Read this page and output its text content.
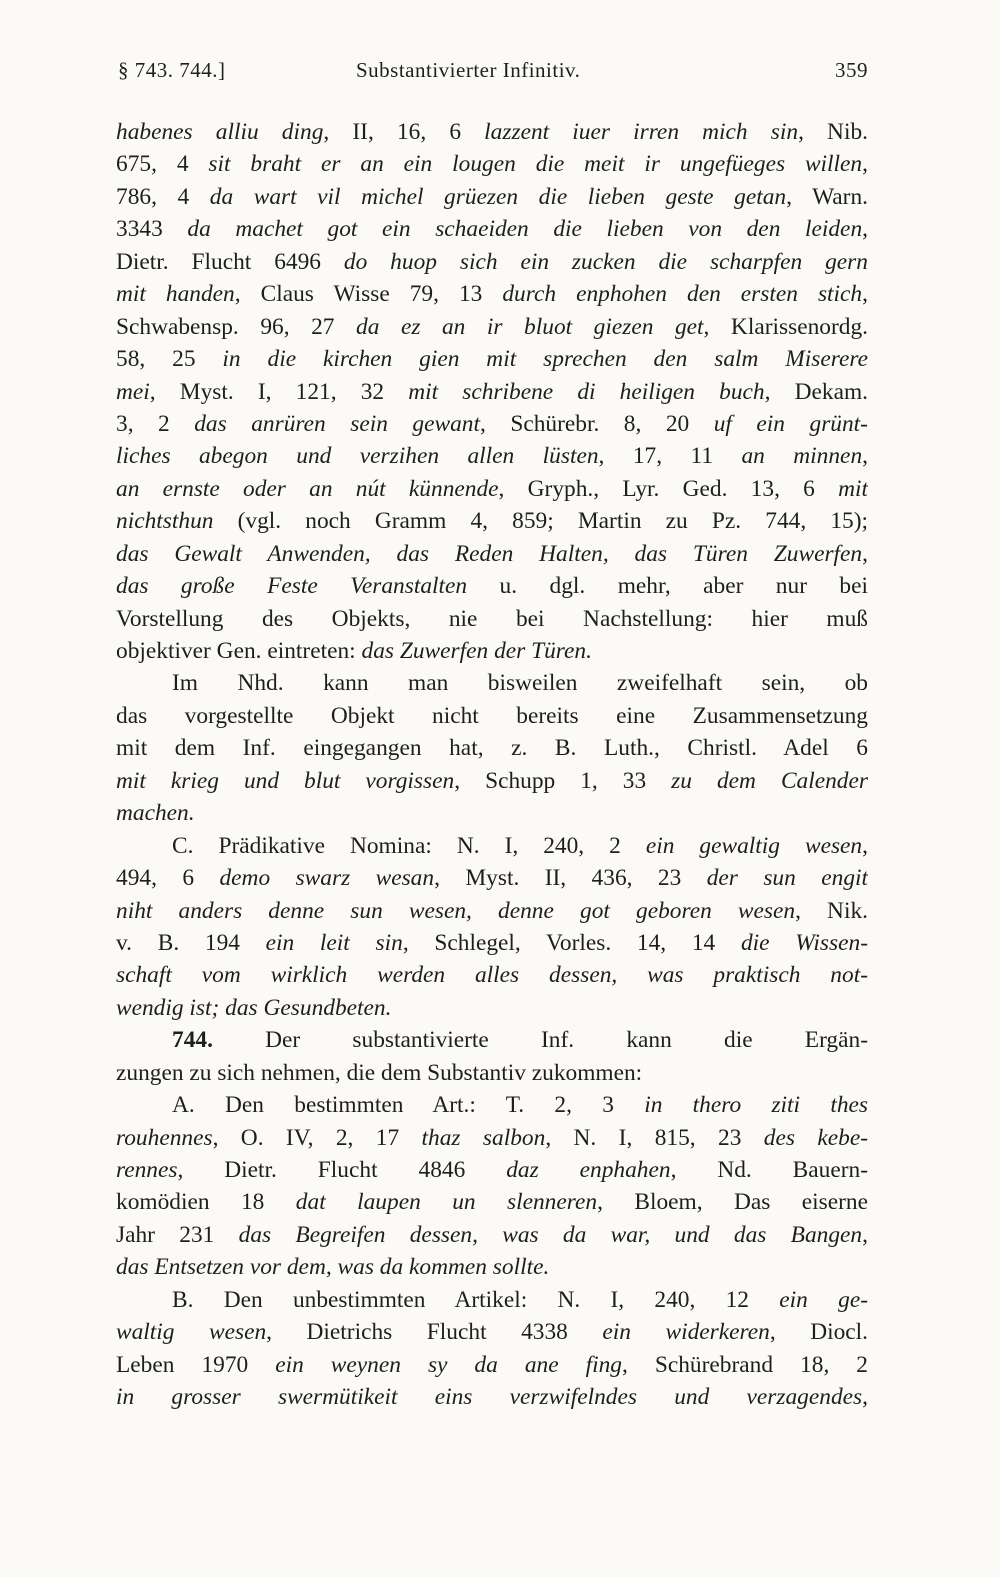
§ 743. 744.]	Substantivierter Infinitiv.	359
habenes alliu ding, II, 16, 6 lazzent iuer irren mich sin, Nib.
675, 4 sit braht er an ein lougen die meit ir ungefüeges willen,
786, 4 da wart vil michel grüezen die lieben geste getan, Warn.
3343 da machet got ein schaeiden die lieben von den leiden,
Dietr. Flucht 6496 do huop sich ein zucken die scharpfen gern
mit handen, Claus Wisse 79, 13 durch enphohen den ersten stich,
Schwabensp. 96, 27 da ez an ir bluot giezen get, Klarissenordg.
58, 25 in die kirchen gien mit sprechen den salm Miserere
mei, Myst. I, 121, 32 mit schribene di heiligen buch, Dekam.
3, 2 das anrüren sein gewant, Schürebr. 8, 20 uf ein grünt-
liches abegon und verzihen allen lüsten, 17, 11 an minnen,
an ernste oder an nút künnende, Gryph., Lyr. Ged. 13, 6 mit
nichtsthun (vgl. noch Gramm 4, 859; Martin zu Pz. 744, 15);
das Gewalt Anwenden, das Reden Halten, das Türen Zuwerfen,
das große Feste Veranstalten u. dgl. mehr, aber nur bei
Vorstellung des Objekts, nie bei Nachstellung: hier muß
objektiver Gen. eintreten: das Zuwerfen der Türen.
Im Nhd. kann man bisweilen zweifelhaft sein, ob
das vorgestellte Objekt nicht bereits eine Zusammensetzung
mit dem Inf. eingegangen hat, z. B. Luth., Christl. Adel 6
mit krieg und blut vorgissen, Schupp 1, 33 zu dem Calender
machen.
C. Prädikative Nomina: N. I, 240, 2 ein gewaltig wesen,
494, 6 demo swarz wesan, Myst. II, 436, 23 der sun engit
niht anders denne sun wesen, denne got geboren wesen, Nik.
v. B. 194 ein leit sin, Schlegel, Vorles. 14, 14 die Wissen-
schaft vom wirklich werden alles dessen, was praktisch not-
wendig ist; das Gesundbeten.
744. Der substantivierte Inf. kann die Ergän-
zungen zu sich nehmen, die dem Substantiv zukommen:
A. Den bestimmten Art.: T. 2, 3 in thero ziti thes
rouhennes, O. IV, 2, 17 thaz salbon, N. I, 815, 23 des kebe-
rennes, Dietr. Flucht 4846 daz enphahen, Nd. Bauern-
komödien 18 dat laupen un slenneren, Bloem, Das eiserne
Jahr 231 das Begreifen dessen, was da war, und das Bangen,
das Entsetzen vor dem, was da kommen sollte.
B. Den unbestimmten Artikel: N. I, 240, 12 ein ge-
waltig wesen, Dietrichs Flucht 4338 ein widerkeren, Diocl.
Leben 1970 ein weynen sy da ane fing, Schürebrand 18, 2
in grosser swermütikeit eins verzwifelndes und verzagendes,
